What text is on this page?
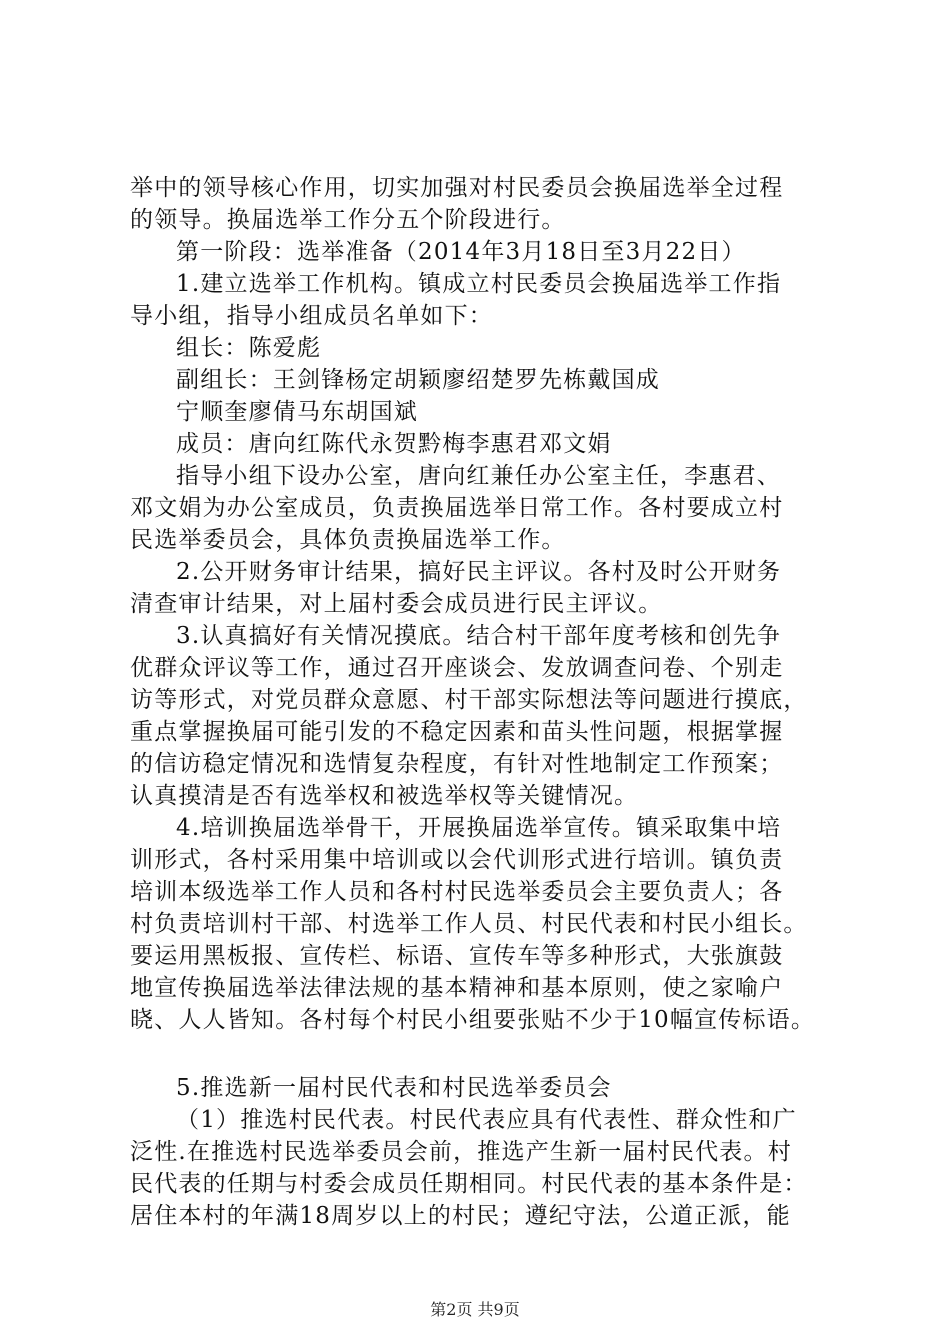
举中的领导核心作用，切实加强对村民委员会换届选举全过程
的领导。换届选举工作分五个阶段进行。
第一阶段：选举准备（2014年3月18日至3月22日）
1.建立选举工作机构。镇成立村民委员会换届选举工作指
导小组，指导小组成员名单如下：
组长：陈爱彪
副组长：王剑锋杨定胡颖廖绍楚罗先栋戴国成
宁顺奎廖倩马东胡国斌
成员：唐向红陈代永贺黔梅李惠君邓文娟
指导小组下设办公室，唐向红兼任办公室主任，李惠君、
邓文娟为办公室成员，负责换届选举日常工作。各村要成立村
民选举委员会，具体负责换届选举工作。
2.公开财务审计结果，搞好民主评议。各村及时公开财务
清查审计结果，对上届村委会成员进行民主评议。
3.认真搞好有关情况摸底。结合村干部年度考核和创先争
优群众评议等工作，通过召开座谈会、发放调查问卷、个别走
访等形式，对党员群众意愿、村干部实际想法等问题进行摸底，
重点掌握换届可能引发的不稳定因素和苗头性问题，根据掌握
的信访稳定情况和选情复杂程度，有针对性地制定工作预案；
认真摸清是否有选举权和被选举权等关键情况。
4.培训换届选举骨干，开展换届选举宣传。镇采取集中培
训形式，各村采用集中培训或以会代训形式进行培训。镇负责
培训本级选举工作人员和各村村民选举委员会主要负责人；各
村负责培训村干部、村选举工作人员、村民代表和村民小组长。
要运用黑板报、宣传栏、标语、宣传车等多种形式，大张旗鼓
地宣传换届选举法律法规的基本精神和基本原则，使之家喻户
晓、人人皆知。各村每个村民小组要张贴不少于10幅宣传标语。
5.推选新一届村民代表和村民选举委员会
（1）推选村民代表。村民代表应具有代表性、群众性和广
泛性.在推选村民选举委员会前，推选产生新一届村民代表。村
民代表的任期与村委会成员任期相同。村民代表的基本条件是：
居住本村的年满18周岁以上的村民；遵纪守法，公道正派，能
第2页 共9页
